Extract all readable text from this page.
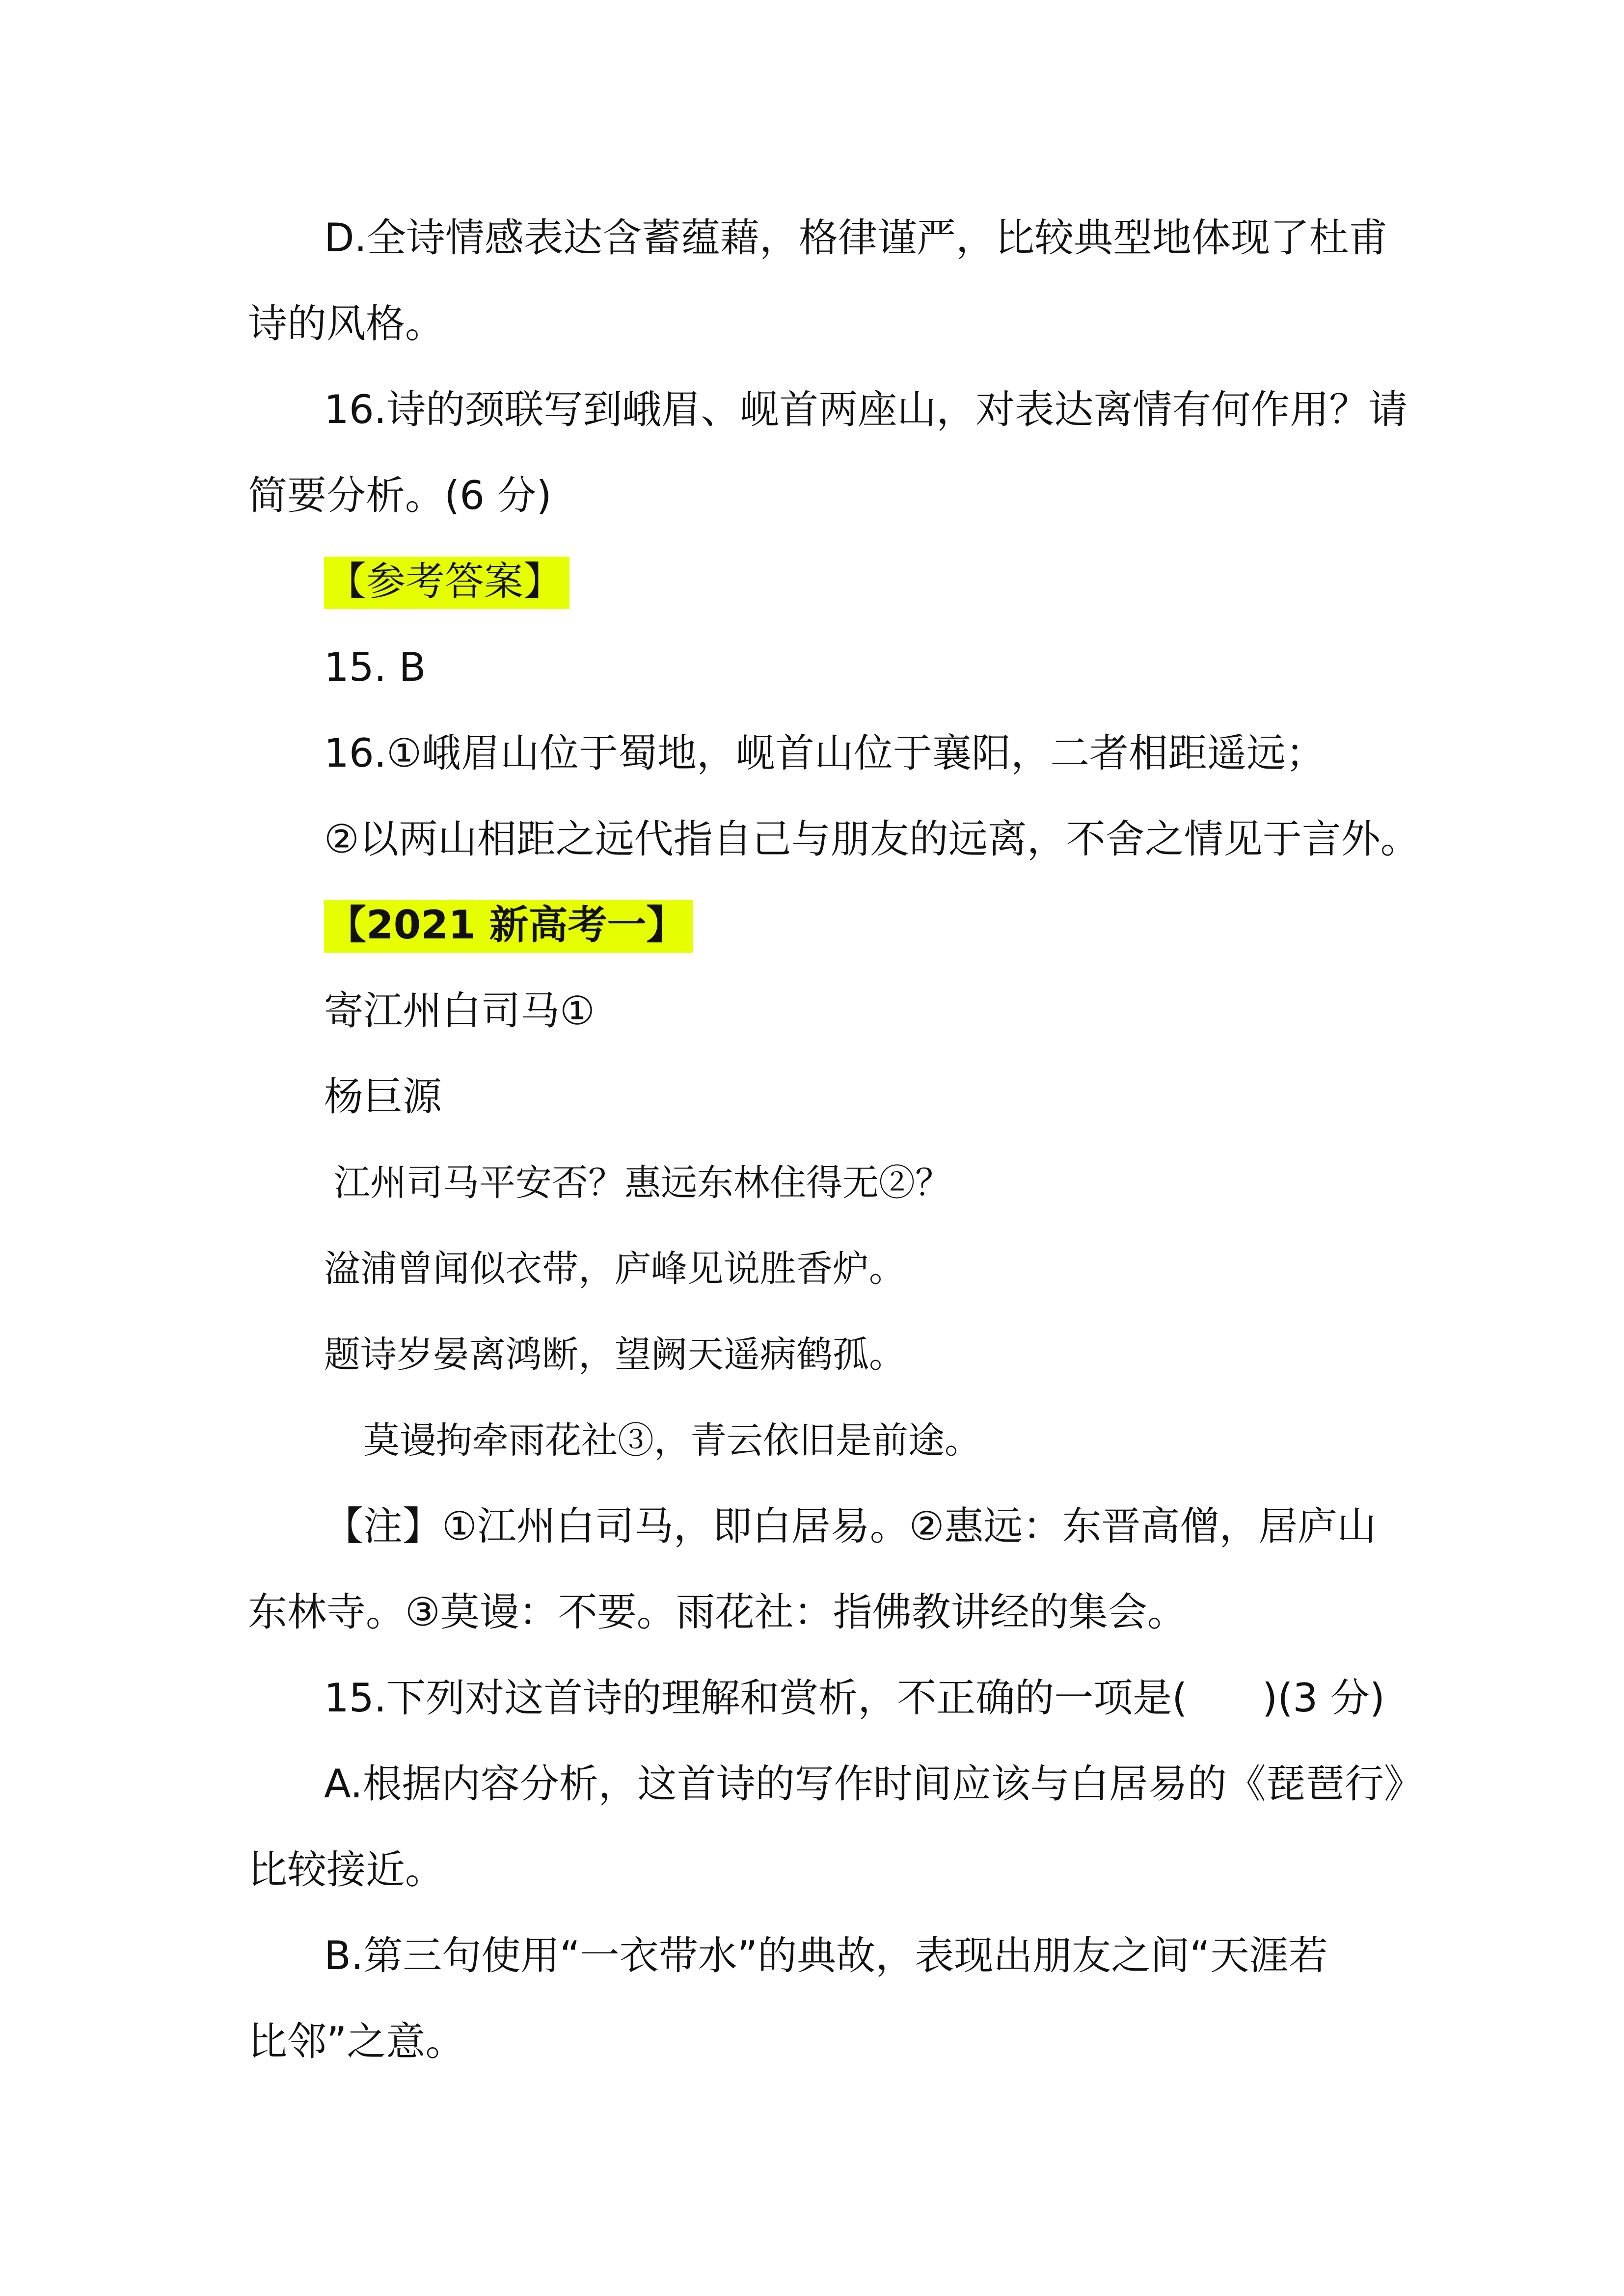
D.全诗情感表达含蓄蕴藉，格律谨严，比较典型地体现了杜甫
诗的风格。
16.诗的颈联写到峨眉、岘首两座山，对表达离情有何作用？请
简要分析。(6 分)
【参考答案】
15. B
16.①峨眉山位于蜀地，岘首山位于襄阳，二者相距遥远；
②以两山相距之远代指自己与朋友的远离，不舍之情见于言外。
【2021 新高考一】
寄江州白司马①
杨巨源
江州司马平安否？惠远东林住得无②？
湓浦曾闻似衣带，庐峰见说胜香炉。
题诗岁晏离鸿断，望阙天遥病鹤孤。
莫谩拘牵雨花社③，青云依旧是前途。
【注】①江州白司马，即白居易。②惠远：东晋高僧，居庐山
东林寺。③莫谩：不要。雨花社：指佛教讲经的集会。
15.下列对这首诗的理解和赏析，不正确的一项是(      )(3 分)
A.根据内容分析，这首诗的写作时间应该与白居易的《琵琶行》
比较接近。
B.第三句使用“一衣带水”的典故，表现出朋友之间“天涯若
比邻”之意。
